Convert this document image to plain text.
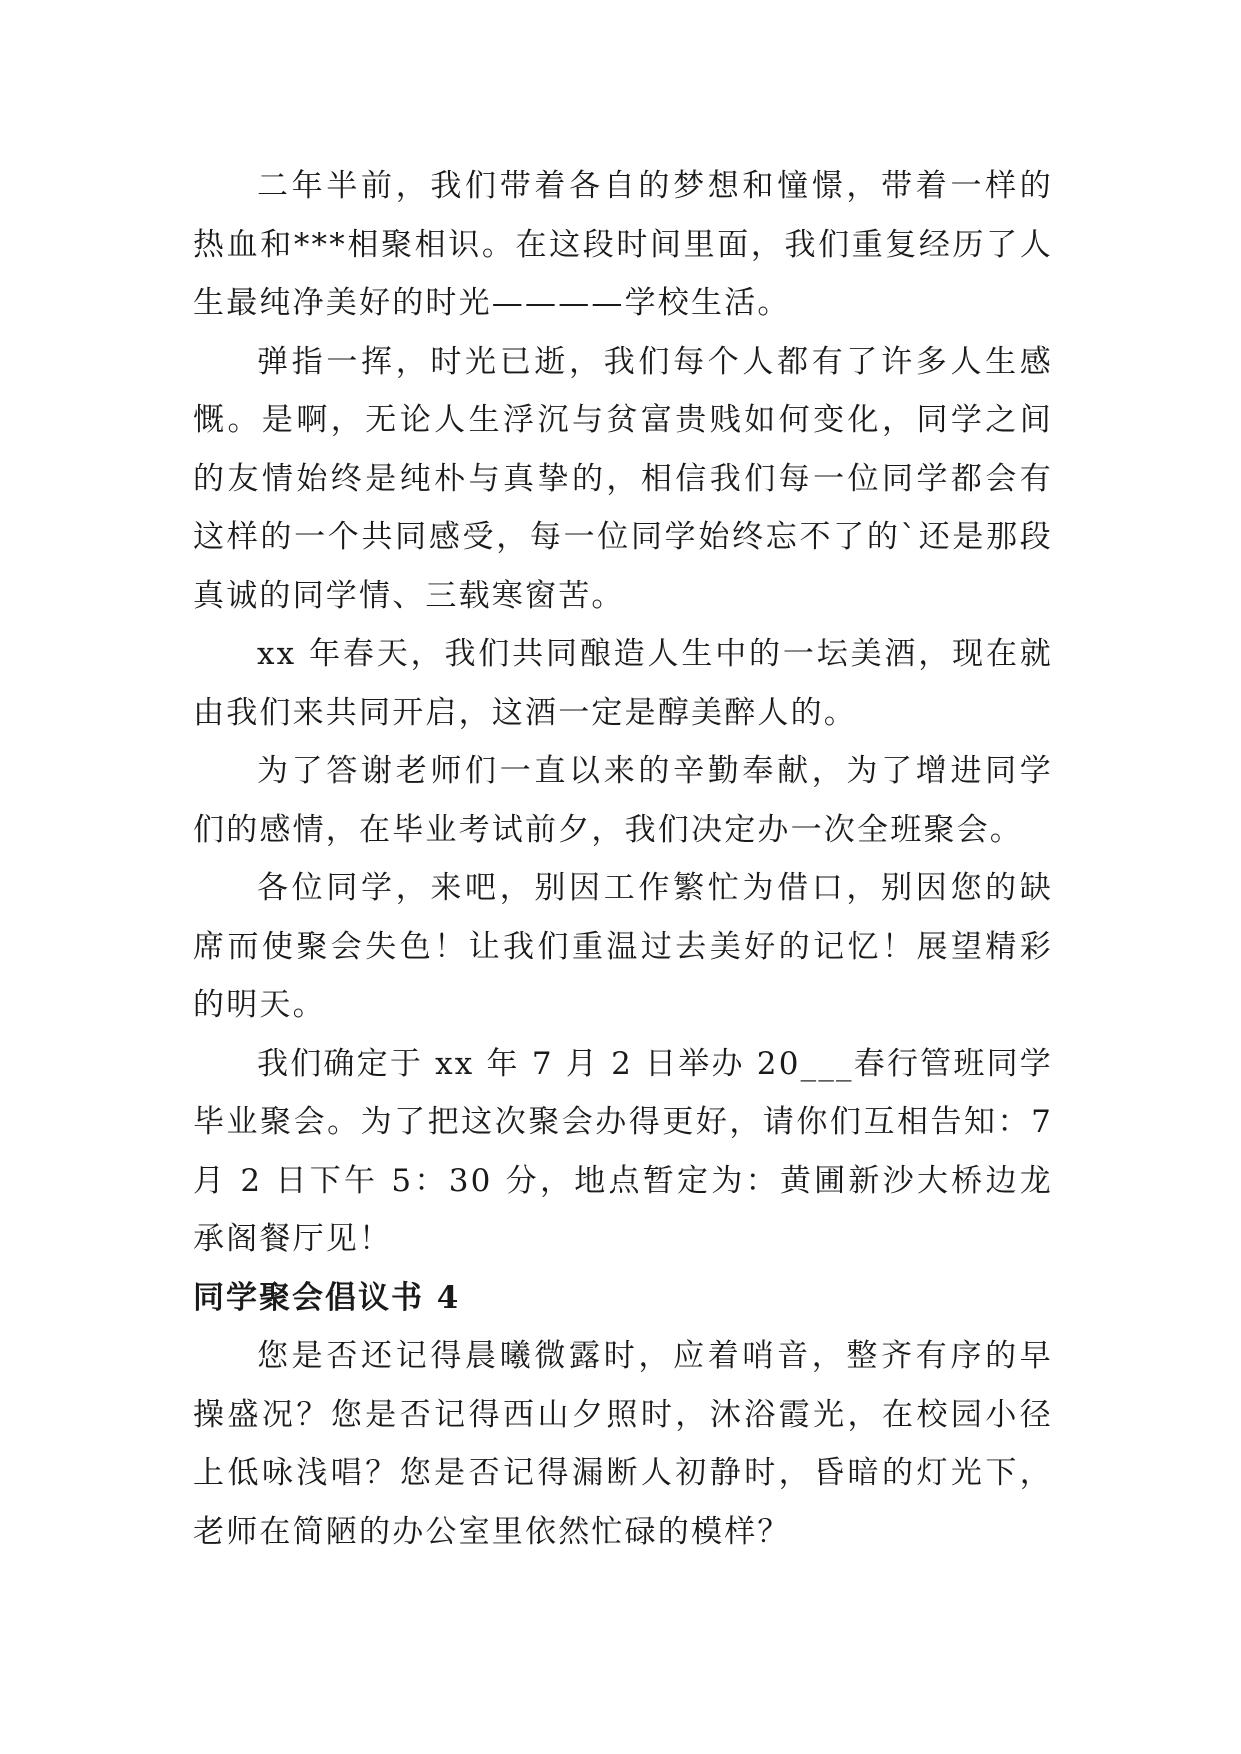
二年半前，我们带着各自的梦想和憧憬，带着一样的热血和***相聚相识。在这段时间里面，我们重复经历了人生最纯净美好的时光————学校生活。

弹指一挥，时光已逝，我们每个人都有了许多人生感慨。是啊，无论人生浮沉与贫富贵贱如何变化，同学之间的友情始终是纯朴与真挚的，相信我们每一位同学都会有这样的一个共同感受，每一位同学始终忘不了的`还是那段真诚的同学情、三载寒窗苦。

xx 年春天，我们共同酿造人生中的一坛美酒，现在就由我们来共同开启，这酒一定是醇美醉人的。

为了答谢老师们一直以来的辛勤奉献，为了增进同学们的感情，在毕业考试前夕，我们决定办一次全班聚会。

各位同学，来吧，别因工作繁忙为借口，别因您的缺席而使聚会失色！让我们重温过去美好的记忆！展望精彩的明天。

我们确定于 xx 年 7 月 2 日举办 20___春行管班同学毕业聚会。为了把这次聚会办得更好，请你们互相告知：7 月 2 日下午 5：30 分，地点暂定为：黄圃新沙大桥边龙承阁餐厅见！

同学聚会倡议书 4

您是否还记得晨曦微露时，应着哨音，整齐有序的早操盛况？您是否记得西山夕照时，沐浴霞光，在校园小径上低咏浅唱？您是否记得漏断人初静时，昏暗的灯光下，老师在简陋的办公室里依然忙碌的模样？
